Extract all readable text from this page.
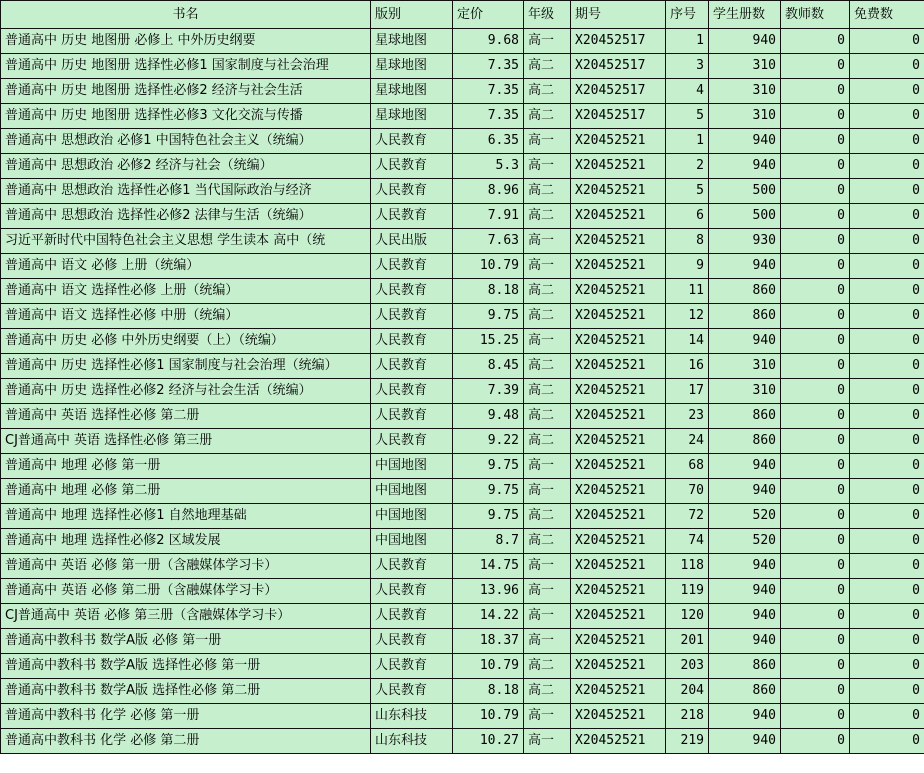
书名	版别	定价	年级	期号	序号	学生册数	教师数	免费数
普通高中 历史 地图册 必修上 中外历史纲要	星球地图	9.68	高一	X20452517	1	940	0	0
普通高中 历史 地图册 选择性必修1 国家制度与社会治理	星球地图	7.35	高二	X20452517	3	310	0	0
普通高中 历史 地图册 选择性必修2 经济与社会生活	星球地图	7.35	高二	X20452517	4	310	0	0
普通高中 历史 地图册 选择性必修3 文化交流与传播	星球地图	7.35	高二	X20452517	5	310	0	0
普通高中 思想政治 必修1 中国特色社会主义（统编）	人民教育	6.35	高一	X20452521	1	940	0	0
普通高中 思想政治 必修2 经济与社会（统编）	人民教育	5.3	高一	X20452521	2	940	0	0
普通高中 思想政治 选择性必修1 当代国际政治与经济	人民教育	8.96	高二	X20452521	5	500	0	0
普通高中 思想政治 选择性必修2 法律与生活（统编）	人民教育	7.91	高二	X20452521	6	500	0	0
习近平新时代中国特色社会主义思想 学生读本 高中（统	人民出版	7.63	高一	X20452521	8	930	0	0
普通高中 语文 必修 上册（统编）	人民教育	10.79	高一	X20452521	9	940	0	0
普通高中 语文 选择性必修 上册（统编）	人民教育	8.18	高二	X20452521	11	860	0	0
普通高中 语文 选择性必修 中册（统编）	人民教育	9.75	高二	X20452521	12	860	0	0
普通高中 历史 必修 中外历史纲要（上）（统编）	人民教育	15.25	高一	X20452521	14	940	0	0
普通高中 历史 选择性必修1 国家制度与社会治理（统编）	人民教育	8.45	高二	X20452521	16	310	0	0
普通高中 历史 选择性必修2 经济与社会生活（统编）	人民教育	7.39	高二	X20452521	17	310	0	0
普通高中 英语 选择性必修 第二册	人民教育	9.48	高二	X20452521	23	860	0	0
CJ普通高中 英语 选择性必修 第三册	人民教育	9.22	高二	X20452521	24	860	0	0
普通高中 地理 必修 第一册	中国地图	9.75	高一	X20452521	68	940	0	0
普通高中 地理 必修 第二册	中国地图	9.75	高一	X20452521	70	940	0	0
普通高中 地理 选择性必修1 自然地理基础	中国地图	9.75	高二	X20452521	72	520	0	0
普通高中 地理 选择性必修2 区域发展	中国地图	8.7	高二	X20452521	74	520	0	0
普通高中 英语 必修 第一册（含融媒体学习卡）	人民教育	14.75	高一	X20452521	118	940	0	0
普通高中 英语 必修 第二册（含融媒体学习卡）	人民教育	13.96	高一	X20452521	119	940	0	0
CJ普通高中 英语 必修 第三册（含融媒体学习卡）	人民教育	14.22	高一	X20452521	120	940	0	0
普通高中教科书 数学A版 必修 第一册	人民教育	18.37	高一	X20452521	201	940	0	0
普通高中教科书 数学A版 选择性必修 第一册	人民教育	10.79	高二	X20452521	203	860	0	0
普通高中教科书 数学A版 选择性必修 第二册	人民教育	8.18	高二	X20452521	204	860	0	0
普通高中教科书 化学 必修 第一册	山东科技	10.79	高一	X20452521	218	940	0	0
普通高中教科书 化学 必修 第二册	山东科技	10.27	高一	X20452521	219	940	0	0
